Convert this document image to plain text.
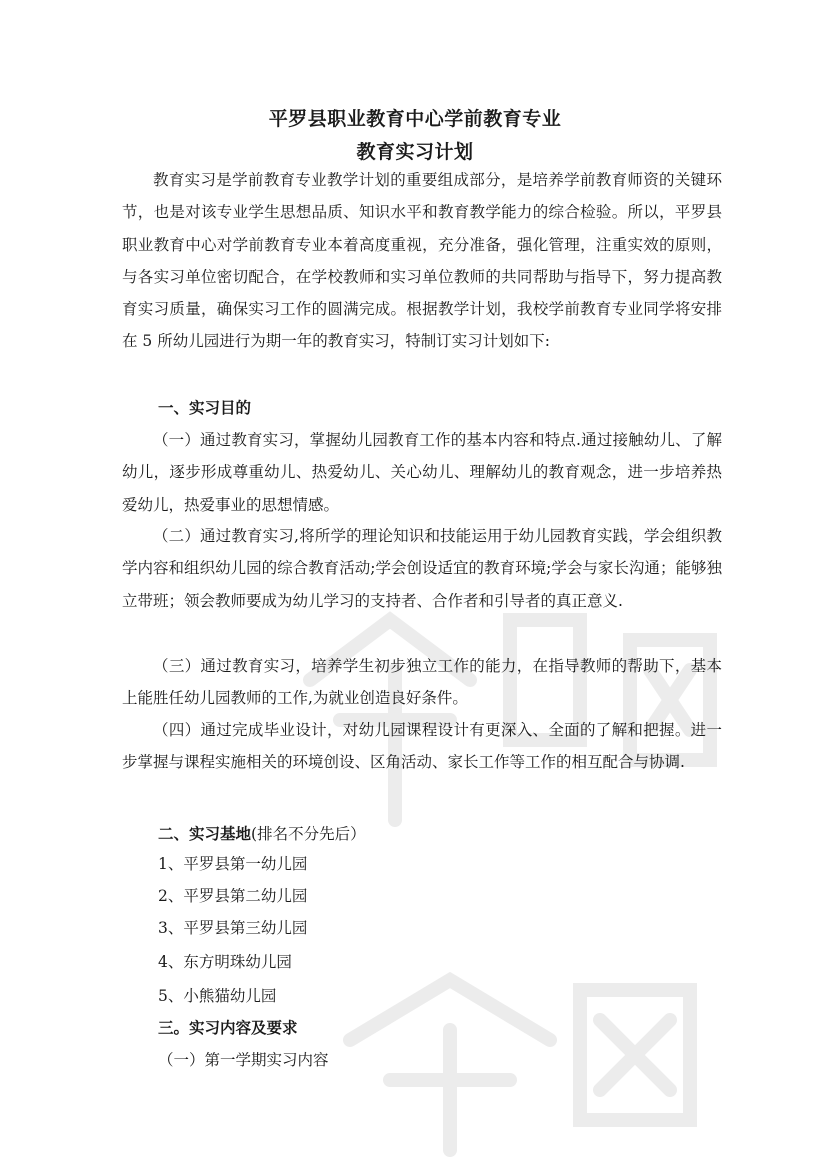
平罗县职业教育中心学前教育专业
教育实习计划
教育实习是学前教育专业教学计划的重要组成部分，是培养学前教育师资的关键环节，也是对该专业学生思想品质、知识水平和教育教学能力的综合检验。所以，平罗县职业教育中心对学前教育专业本着高度重视，充分准备，强化管理，注重实效的原则，与各实习单位密切配合，在学校教师和实习单位教师的共同帮助与指导下，努力提高教育实习质量，确保实习工作的圆满完成。根据教学计划，我校学前教育专业同学将安排在 5 所幼儿园进行为期一年的教育实习，特制订实习计划如下:
一、实习目的
（一）通过教育实习，掌握幼儿园教育工作的基本内容和特点.通过接触幼儿、了解幼儿，逐步形成尊重幼儿、热爱幼儿、关心幼儿、理解幼儿的教育观念，进一步培养热爱幼儿，热爱事业的思想情感。
（二）通过教育实习,将所学的理论知识和技能运用于幼儿园教育实践，学会组织教学内容和组织幼儿园的综合教育活动;学会创设适宜的教育环境;学会与家长沟通；能够独立带班；领会教师要成为幼儿学习的支持者、合作者和引导者的真正意义.
（三）通过教育实习，培养学生初步独立工作的能力，在指导教师的帮助下，基本上能胜任幼儿园教师的工作,为就业创造良好条件。
（四）通过完成毕业设计，对幼儿园课程设计有更深入、全面的了解和把握。进一步掌握与课程实施相关的环境创设、区角活动、家长工作等工作的相互配合与协调.
二、实习基地(排名不分先后）
1、平罗县第一幼儿园
2、平罗县第二幼儿园
3、平罗县第三幼儿园
4、东方明珠幼儿园
5、小熊猫幼儿园
三。实习内容及要求
（一）第一学期实习内容
